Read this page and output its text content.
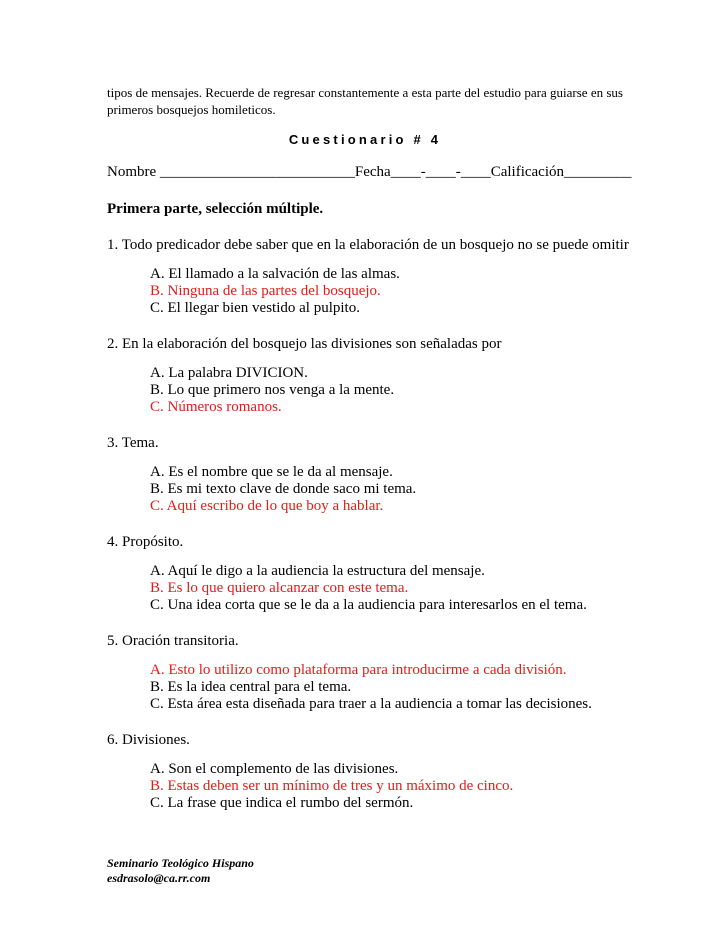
tipos de mensajes. Recuerde de regresar constantemente a esta parte del estudio para guiarse en sus primeros bosquejos homileticos.

Cuestionario # 4
Nombre __________________________Fecha____-____-____Calificación_________
Primera parte, selección múltiple.
1. Todo predicador debe saber que en la elaboración de un bosquejo no se puede omitir
A. El llamado a la salvación de las almas.
B. Ninguna de las partes del bosquejo.
C. El llegar bien vestido al pulpito.
2. En la elaboración del bosquejo las divisiones son señaladas por
A. La palabra DIVICION.
B. Lo que primero nos venga a la mente.
C. Números romanos.
3. Tema.
A. Es el nombre que se le da al mensaje.
B. Es mi texto clave de donde saco mi tema.
C. Aquí escribo de lo que boy a hablar.
4. Propósito.
A. Aquí le digo a la audiencia la estructura del mensaje.
B. Es lo que quiero alcanzar con este tema.
C. Una idea corta que se le da a la audiencia para interesarlos en el tema.
5. Oración transitoria.
A. Esto lo utilizo como plataforma para introducirme a cada división.
B. Es la idea central para el tema.
C. Esta área esta diseñada para traer a la audiencia a tomar las decisiones.
6. Divisiones.
A. Son el complemento de las divisiones.
B. Estas deben ser un mínimo de tres y un máximo de cinco.
C. La frase que indica el rumbo del sermón.
Seminario Teológico Hispano
esdrasolo@ca.rr.com
